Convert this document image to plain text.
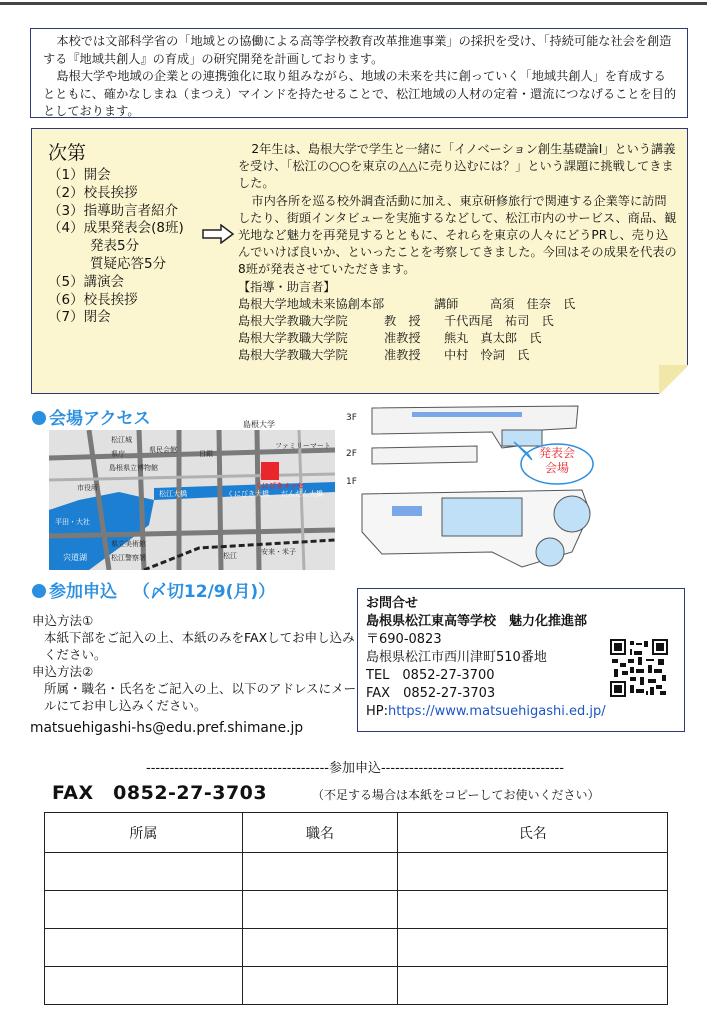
本校では文部科学省の「地域との協働による高等学校教育改革推進事業」の採択を受け、「持続可能な社会を創造する『地域共創人』の育成」の研究開発を計画しております。

島根大学や地域の企業との連携強化に取り組みながら、地域の未来を共に創っていく「地域共創人」を育成するとともに、確かなしまね（まつえ）マインドを持たせることで、松江地域の人材の定着・還流につなげることを目的としております。

次第
（1）開会
（2）校長挨拶
（3）指導助言者紹介
（4）成果発表会(8班)
発表5分
質疑応答5分
（5）講演会
（6）校長挨拶
（7）閉会

2年生は、島根大学で学生と一緒に「イノベーション創生基礎論Ⅰ」という講義を受け、「松江の○○を東京の△△に売り込むには？」という課題に挑戦してきました。

市内各所を巡る校外調査活動に加え、東京研修旅行で関連する企業等に訪問したり、街頭インタビューを実施するなどして、松江市内のサービス、商品、観光地など魅力を再発見するとともに、それらを東京の人々にどうPRし、売り込んでいけば良いか、といったことを考察してきました。今回はその成果を代表の8班が発表させていただきます。

【指導・助言者】
島根大学地域未来協創本部	講師	高須　佳奈　氏
島根大学教職大学院	教　授	千代西尾　祐司　氏
島根大学教職大学院	准教授	熊丸　真太郎　氏
島根大学教職大学院	准教授	中村　怜詞　氏
会場アクセス
松江城
県庁	県民会館	日銀
島根県立博物館
市役所
ファミリーマート
くにびきメッセ
くにびき大橋 だんだん大橋
松江大橋
平田・大社
宍道湖
県立美術館
松江警察署	松江	安来・米子
島根大学
3F
2F
1F
発表会
会場
参加申込 （〆切12/9(月)）
申込方法①
本紙下部をご記入の上、本紙のみをFAXしてお申し込みください。
申込方法②
所属・職名・氏名をご記入の上、以下のアドレスにメールにてお申し込みください。
matsuehigashi-hs@edu.pref.shimane.jp
お問合せ
島根県松江東高等学校　魅力化推進部
〒690-0823
島根県松江市西川津町510番地
TEL　0852-27-3700
FAX　0852-27-3703
HP:https://www.matsuehigashi.ed.jp/
---------------------------------------参加申込---------------------------------------
FAX　0852-27-3703	（不足する場合は本紙をコピーしてお使いください）
所属	職名	氏名
